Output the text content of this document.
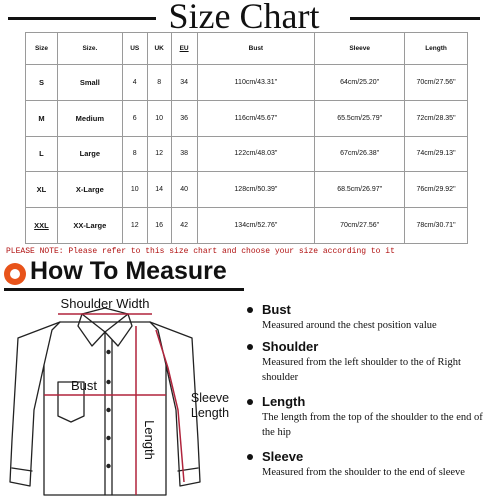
Size Chart
Size	Size.	US	UK	EU	Bust	Sleeve	Length
S	Small	4	8	34	110cm/43.31"	64cm/25.20"	70cm/27.56"
M	Medium	6	10	36	116cm/45.67"	65.5cm/25.79"	72cm/28.35"
L	Large	8	12	38	122cm/48.03"	67cm/26.38"	74cm/29.13"
XL	X-Large	10	14	40	128cm/50.39"	68.5cm/26.97"	76cm/29.92"
XXL	XX-Large	12	16	42	134cm/52.76"	70cm/27.56"	78cm/30.71"
PLEASE NOTE: Please refer to this size chart and choose your size according to it
How To Measure
Shoulder Width
Bust
Length
Sleeve
Length
Bust
Measured around the chest position value
Shoulder
Measured from the left shoulder to the of Right shoulder
Length
The length from the top of the shoulder to the end of the hip
Sleeve
Measured from the shoulder to the end of sleeve
